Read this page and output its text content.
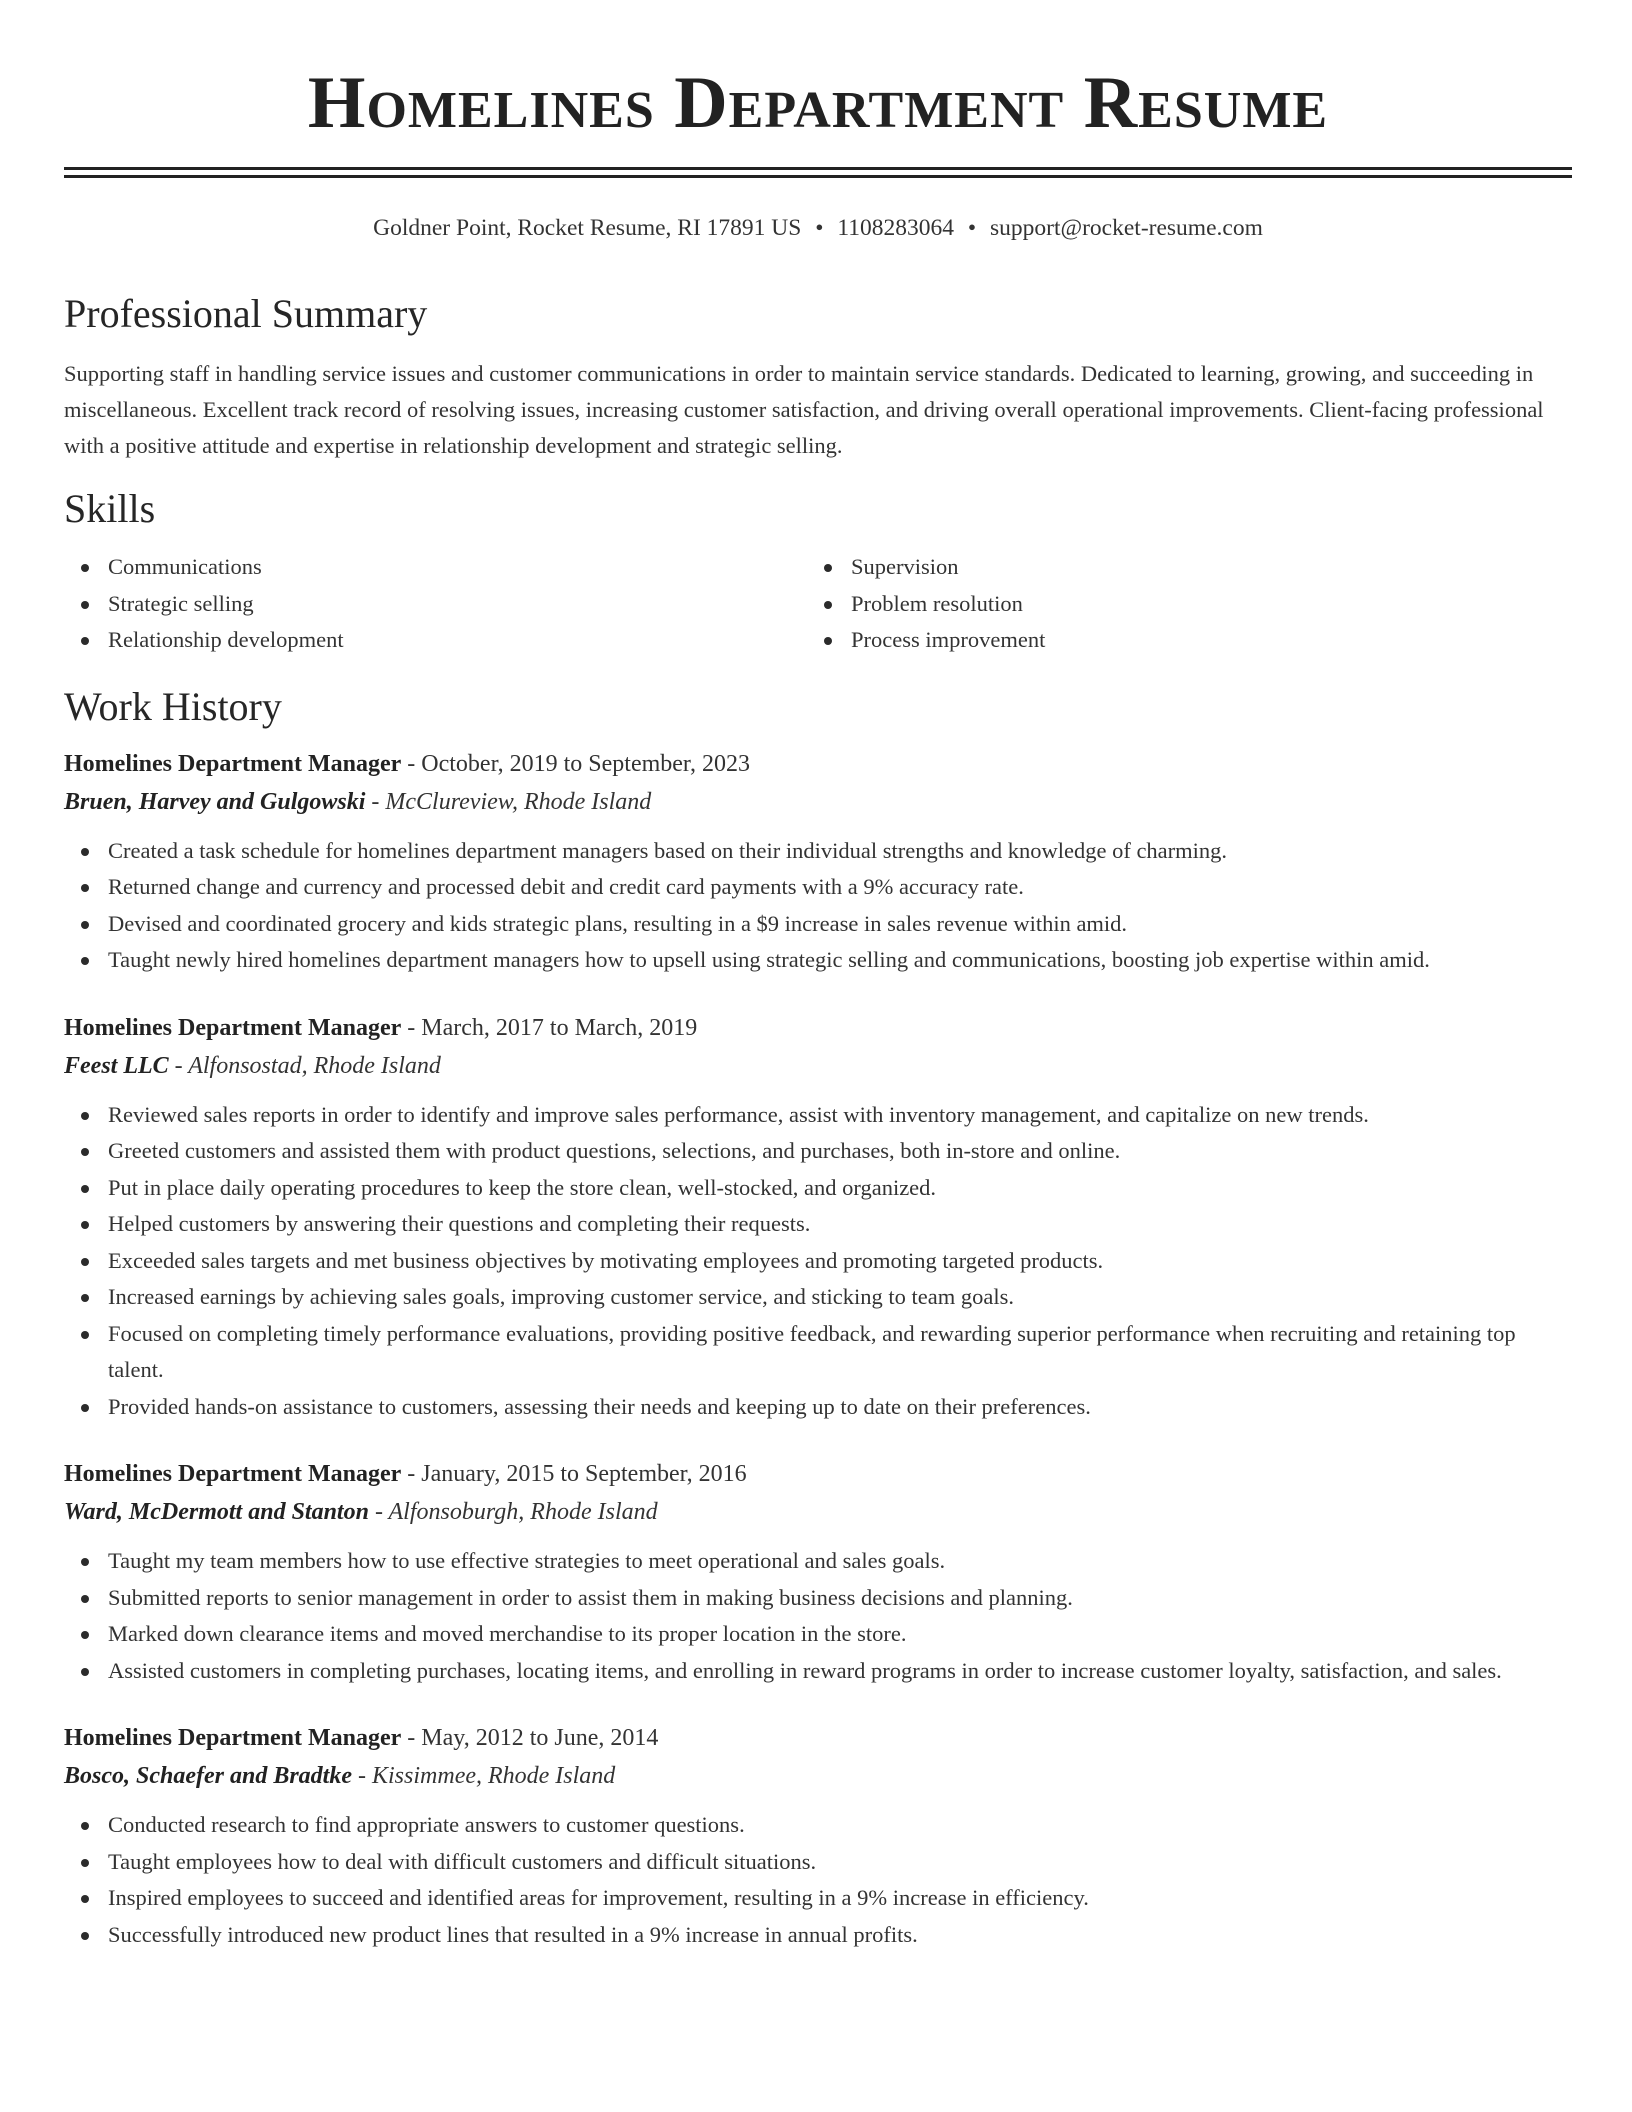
Homelines Department Resume
Goldner Point, Rocket Resume, RI 17891 US • 1108283064 • support@rocket-resume.com
Professional Summary

Supporting staff in handling service issues and customer communications in order to maintain service standards. Dedicated to learning, growing, and succeeding in miscellaneous. Excellent track record of resolving issues, increasing customer satisfaction, and driving overall operational improvements. Client-facing professional with a positive attitude and expertise in relationship development and strategic selling.

Skills
Communications
Strategic selling
Relationship development
Supervision
Problem resolution
Process improvement
Work History
Homelines Department Manager - October, 2019 to September, 2023
Bruen, Harvey and Gulgowski - McClureview, Rhode Island
Created a task schedule for homelines department managers based on their individual strengths and knowledge of charming.
Returned change and currency and processed debit and credit card payments with a 9% accuracy rate.
Devised and coordinated grocery and kids strategic plans, resulting in a $9 increase in sales revenue within amid.
Taught newly hired homelines department managers how to upsell using strategic selling and communications, boosting job expertise within amid.
Homelines Department Manager - March, 2017 to March, 2019
Feest LLC - Alfonsostad, Rhode Island
Reviewed sales reports in order to identify and improve sales performance, assist with inventory management, and capitalize on new trends.
Greeted customers and assisted them with product questions, selections, and purchases, both in-store and online.
Put in place daily operating procedures to keep the store clean, well-stocked, and organized.
Helped customers by answering their questions and completing their requests.
Exceeded sales targets and met business objectives by motivating employees and promoting targeted products.
Increased earnings by achieving sales goals, improving customer service, and sticking to team goals.
Focused on completing timely performance evaluations, providing positive feedback, and rewarding superior performance when recruiting and retaining top talent.
Provided hands-on assistance to customers, assessing their needs and keeping up to date on their preferences.
Homelines Department Manager - January, 2015 to September, 2016
Ward, McDermott and Stanton - Alfonsoburgh, Rhode Island
Taught my team members how to use effective strategies to meet operational and sales goals.
Submitted reports to senior management in order to assist them in making business decisions and planning.
Marked down clearance items and moved merchandise to its proper location in the store.
Assisted customers in completing purchases, locating items, and enrolling in reward programs in order to increase customer loyalty, satisfaction, and sales.
Homelines Department Manager - May, 2012 to June, 2014
Bosco, Schaefer and Bradtke - Kissimmee, Rhode Island
Conducted research to find appropriate answers to customer questions.
Taught employees how to deal with difficult customers and difficult situations.
Inspired employees to succeed and identified areas for improvement, resulting in a 9% increase in efficiency.
Successfully introduced new product lines that resulted in a 9% increase in annual profits.
